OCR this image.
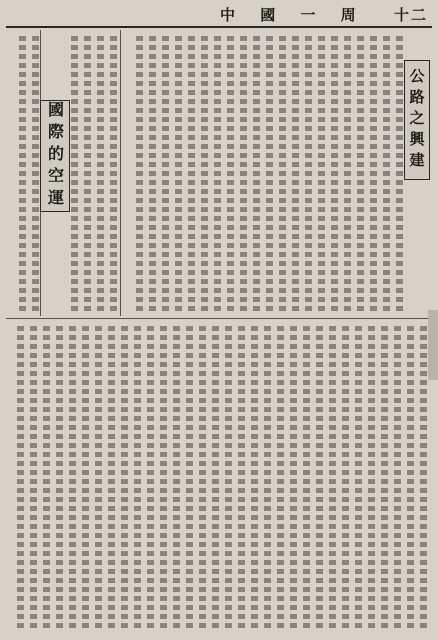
中 國 一 周 十二
公路之興建
國際的空運
